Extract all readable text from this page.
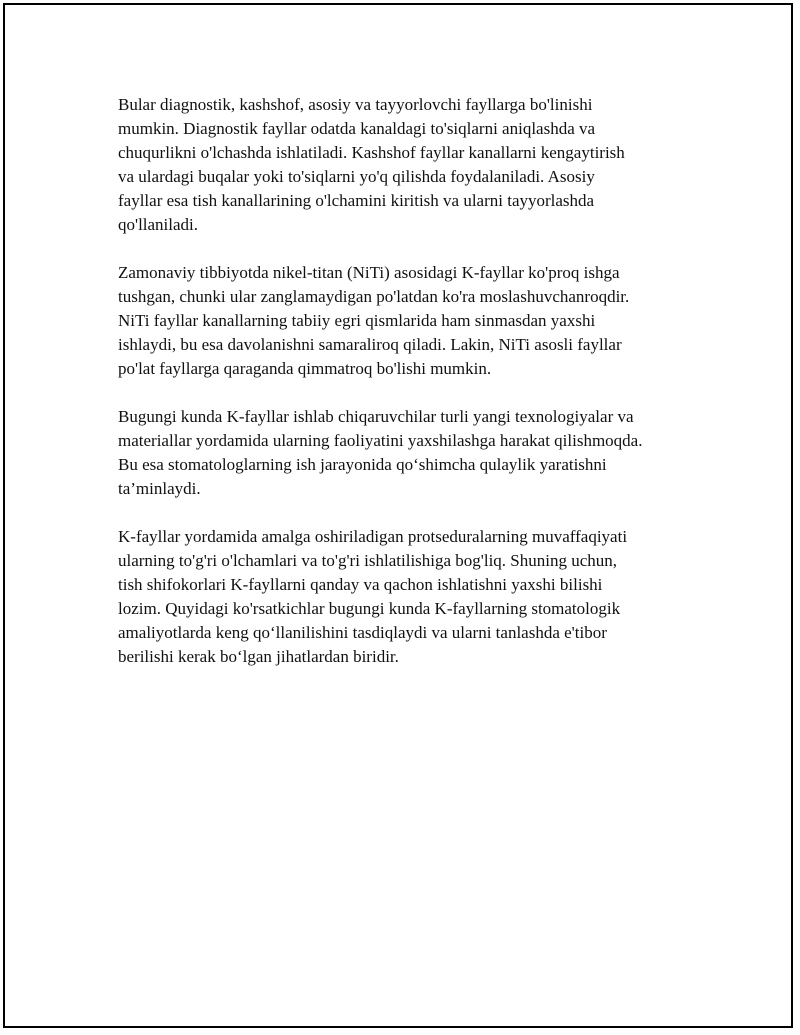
Bular diagnostik, kashshof, asosiy va tayyorlovchi fayllarga bo'linishi
mumkin. Diagnostik fayllar odatda kanaldagi to'siqlarni aniqlashda va
chuqurlikni o'lchashda ishlatiladi. Kashshof fayllar kanallarni kengaytirish
va ulardagi buqalar yoki to'siqlarni yo'q qilishda foydalaniladi. Asosiy
fayllar esa tish kanallarining o'lchamini kiritish va ularni tayyorlashda
qo'llaniladi.

Zamonaviy tibbiyotda nikel-titan (NiTi) asosidagi K-fayllar ko'proq ishga
tushgan, chunki ular zanglamaydigan po'latdan ko'ra moslashuvchanroqdir.
NiTi fayllar kanallarning tabiiy egri qismlarida ham sinmasdan yaxshi
ishlaydi, bu esa davolanishni samaraliroq qiladi. Lakin, NiTi asosli fayllar
po'lat fayllarga qaraganda qimmatroq bo'lishi mumkin.

Bugungi kunda K-fayllar ishlab chiqaruvchilar turli yangi texnologiyalar va
materiallar yordamida ularning faoliyatini yaxshilashga harakat qilishmoqda.
Bu esa stomatologlarning ish jarayonida qo‘shimcha qulaylik yaratishni
ta’minlaydi.

K-fayllar yordamida amalga oshiriladigan protseduralarning muvaffaqiyati
ularning to'g'ri o'lchamlari va to'g'ri ishlatilishiga bog'liq. Shuning uchun,
tish shifokorlari K-fayllarni qanday va qachon ishlatishni yaxshi bilishi
lozim. Quyidagi ko'rsatkichlar bugungi kunda K-fayllarning stomatologik
amaliyotlarda keng qo‘llanilishini tasdiqlaydi va ularni tanlashda e'tibor
berilishi kerak bo‘lgan jihatlardan biridir.
